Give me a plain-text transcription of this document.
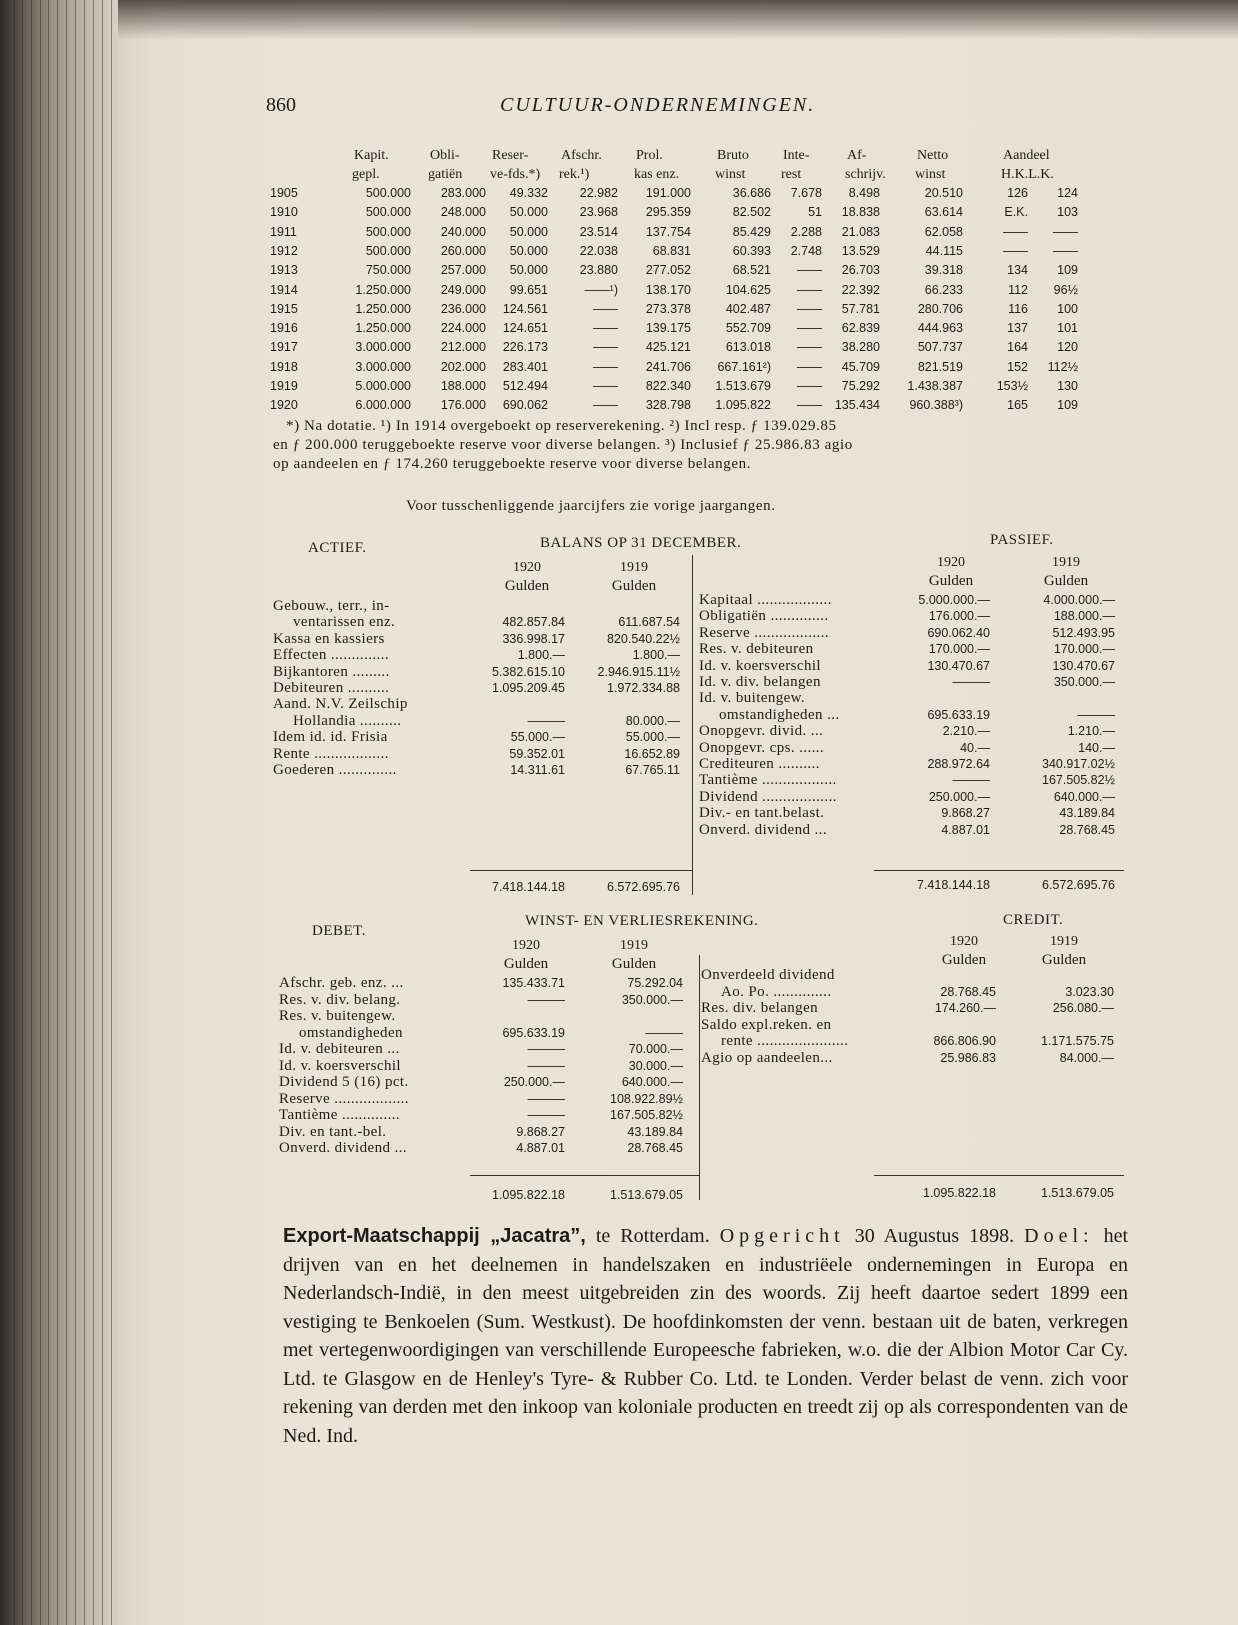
860	CULTUUR-ONDERNEMINGEN.
Kapit.	Obli- Reser- Afschr. Prol.	Bruto Inte-	Af-	Netto	Aandeel
gepl.	gatiën ve-fds.*) rek.¹)	kas enz.	winst	rest	schrijv. winst	H.K.L.K.
1905	500.000	283.000	49.332	22.982	191.000	36.686	7.678	8.498	20.510	126	124
1910	500.000	248.000	50.000	23.968	295.359	82.502	51	18.838	63.614	E.K.	103
1911	500.000	240.000	50.000	23.514	137.754	85.429	2.288	21.083	62.058	——	——
1912	500.000	260.000	50.000	22.038	68.831	60.393	2.748	13.529	44.115	——	——
1913	750.000	257.000	50.000	23.880	277.052	68.521	——	26.703	39.318	134	109
1914	1.250.000	249.000	99.651	——¹)	138.170	104.625	——	22.392	66.233	112	96½
1915	1.250.000	236.000	124.561	——	273.378	402.487	——	57.781	280.706	116	100
1916	1.250.000	224.000	124.651	——	139.175	552.709	——	62.839	444.963	137	101
1917	3.000.000	212.000	226.173	——	425.121	613.018	——	38.280	507.737	164	120
1918	3.000.000	202.000	283.401	——	241.706	667.161²)	——	45.709	821.519	152	112½
1919	5.000.000	188.000	512.494	——	822.340	1.513.679	——	75.292	1.438.387	153½	130
1920	6.000.000	176.000	690.062	——	328.798	1.095.822	——	135.434	960.388³)	165	109
*) Na dotatie. ¹) In 1914 overgeboekt op reserverekening. ²) Incl resp. ƒ 139.029.85
en ƒ 200.000 teruggeboekte reserve voor diverse belangen. ³) Inclusief ƒ 25.986.83 agio
op aandeelen en ƒ 174.260 teruggeboekte reserve voor diverse belangen.
Voor tusschenliggende jaarcijfers zie vorige jaargangen.
ACTIEF.	BALANS OP 31 DECEMBER.	PASSIEF.
1920	1919
Gulden	Gulden
1920	1919
Gulden	Gulden
Gebouw., terr., in-
ventarissen enz.	482.857.84	611.687.54
Kassa en kassiers	336.998.17	820.540.22½
Effecten ..............	1.800.—	1.800.—
Bijkantoren .........	5.382.615.10	2.946.915.11½
Debiteuren ..........	1.095.209.45	1.972.334.88
Aand. N.V. Zeilschip
Hollandia ..........	———	80.000.—
Idem id. id. Frisia	55.000.—	55.000.—
Rente ..................	59.352.01	16.652.89
Goederen ..............	14.311.61	67.765.11
Kapitaal ..................	5.000.000.—	4.000.000.—
Obligatiën ..............	176.000.—	188.000.—
Reserve ..................	690.062.40	512.493.95
Res. v. debiteuren	170.000.—	170.000.—
Id. v. koersverschil	130.470.67	130.470.67
Id. v. div. belangen	———	350.000.—
Id. v. buitengew.
omstandigheden ...	695.633.19	———
Onopgevr. divid. ...	2.210.—	1.210.—
Onopgevr. cps. ......	40.—	140.—
Crediteuren ..........	288.972.64	340.917.02½
Tantième ..................	———	167.505.82½
Dividend ..................	250.000.—	640.000.—
Div.- en tant.belast.	9.868.27	43.189.84
Onverd. dividend ...	4.887.01	28.768.45
7.418.144.18	6.572.695.76	7.418.144.18	6.572.695.76
DEBET.
WINST- EN VERLIESREKENING.	CREDIT.
1920	1919
Gulden	Gulden
1920	1919
Gulden	Gulden
Afschr. geb. enz. ...	135.433.71	75.292.04
Res. v. div. belang.	———	350.000.—
Res. v. buitengew.
omstandigheden	695.633.19	———
Id. v. debiteuren ...	———	70.000.—
Id. v. koersverschil	———	30.000.—
Dividend 5 (16) pct.	250.000.—	640.000.—
Reserve ..................	———	108.922.89½
Tantième ..............	———	167.505.82½
Div. en tant.-bel.	9.868.27	43.189.84
Onverd. dividend ...	4.887.01	28.768.45
Onverdeeld dividend
Ao. Po. ..............	28.768.45	3.023.30
Res. div. belangen	174.260.—	256.080.—
Saldo expl.reken. en
rente ......................	866.806.90	1.171.575.75
Agio op aandeelen...	25.986.83	84.000.—
1.095.822.18	1.513.679.05	1.095.822.18	1.513.679.05
Export-Maatschappij „Jacatra”, te Rotterdam. Opgericht 30 Augustus 1898. Doel: het drijven van en het deelnemen in handelszaken en industriëele ondernemingen in Europa en Nederlandsch-Indië, in den meest uitgebreiden zin des woords. Zij heeft daartoe sedert 1899 een vestiging te Benkoelen (Sum. Westkust). De hoofdinkomsten der venn. bestaan uit de baten, verkregen met vertegenwoordigingen van verschillende Europeesche fabrieken, w.o. die der Albion Motor Car Cy. Ltd. te Glasgow en de Henley's Tyre- & Rubber Co. Ltd. te Londen. Verder belast de venn. zich voor rekening van derden met den inkoop van koloniale producten en treedt zij op als correspondenten van de Ned. Ind.
